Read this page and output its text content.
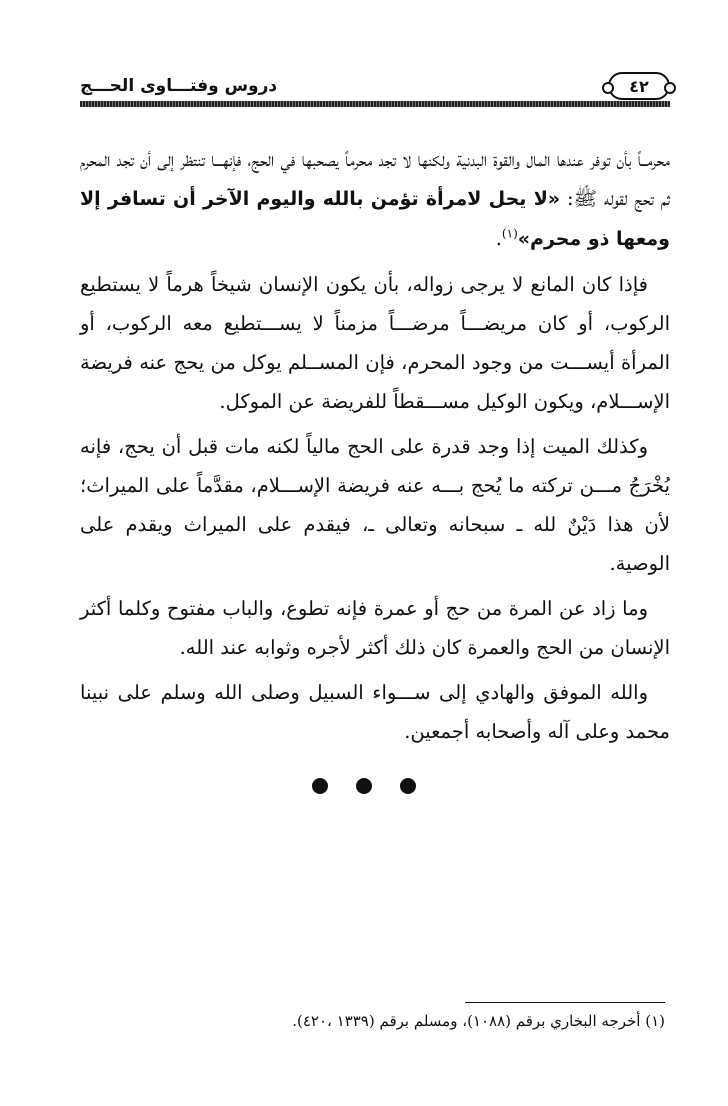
دروس وفتـــاوى الحـــج	٤٢

محرمــاً بأن توفر عندها المال والقوة البدنية ولكنها لا تجد محرماً يصحبها في الحج، فإنهـــا تنتظر إلى أن تجد المحرم ثم تحج لقوله ﷺ: «لا يحل لامرأة تؤمن بالله واليوم الآخر أن تسافر إلا ومعها ذو محرم»$^{(١)}$.

فإذا كان المانع لا يرجى زواله، بأن يكون الإنسان شيخاً هرماً لا يستطيع الركوب، أو كان مريضـــاً مرضـــاً مزمناً لا يســـتطيع معه الركوب، أو المرأة أيســـت من وجود المحرم، فإن المســلم يوكل من يحج عنه فريضة الإســـلام، ويكون الوكيل مســـقطاً للفريضة عن الموكل.

وكذلك الميت إذا وجد قدرة على الحج مالياً لكنه مات قبل أن يحج، فإنه يُخْرَجُ مـــن تركته ما يُحج بـــه عنه فريضة الإســـلام، مقدَّماً على الميراث؛ لأن هذا دَيْنٌ لله ـ سبحانه وتعالى ـ، فيقدم على الميراث ويقدم على الوصية.

وما زاد عن المرة من حج أو عمرة فإنه تطوع، والباب مفتوح وكلما أكثر الإنسان من الحج والعمرة كان ذلك أكثر لأجره وثوابه عند الله.

والله الموفق والهادي إلى ســـواء السبيل وصلى الله وسلم على نبينا محمد وعلى آله وأصحابه أجمعين.

(١) أخرجه البخاري برقم (١٠٨٨)، ومسلم برقم (١٣٣٩ ،٤٢٠).
